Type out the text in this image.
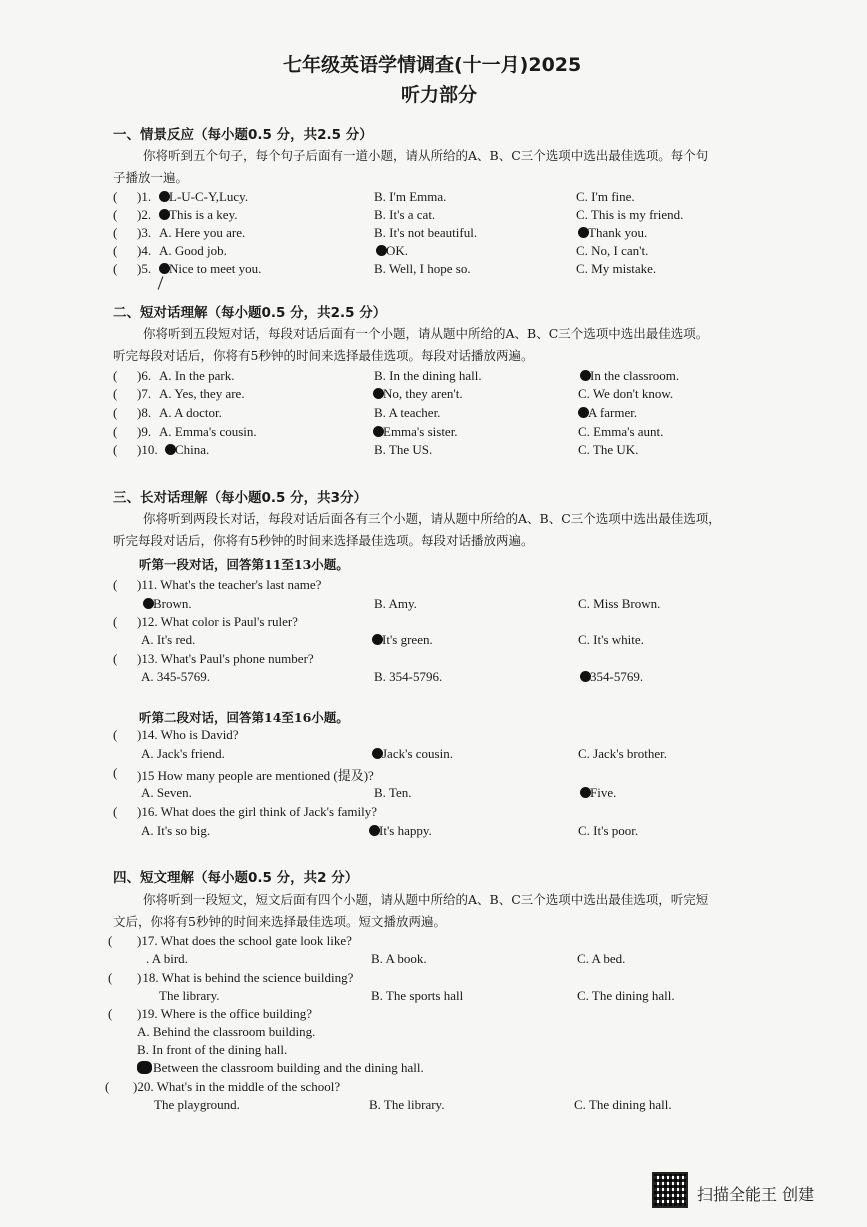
七年级英语学情调查(十一月)2025
听力部分
一、情景反应（每小题0.5 分，共2.5 分）
你将听到五个句子，每个句子后面有一道小题，请从所给的A、B、C三个选项中选出最佳选项。每个句
子播放一遍。
( )1. L-U-C-Y,Lucy.	B. I'm Emma.	C. I'm fine.
( )2. This is a key.	B. It's a cat.	C. This is my friend.
( )3. A. Here you are.	B. It's not beautiful.	Thank you.
( )4. A. Good job.	OK.	C. No, I can't.
( )5. Nice to meet you.	B. Well, I hope so.	C. My mistake.
二、短对话理解（每小题0.5 分，共2.5 分）
你将听到五段短对话，每段对话后面有一个小题，请从题中所给的A、B、C三个选项中选出最佳选项。
听完每段对话后，你将有5秒钟的时间来选择最佳选项。每段对话播放两遍。
( )6. A. In the park.	B. In the dining hall.	In the classroom.
( )7. A. Yes, they are.	No, they aren't.	C. We don't know.
( )8. A. A doctor.	B. A teacher.	A farmer.
( )9. A. Emma's cousin.	Emma's sister.	C. Emma's aunt.
( )10. China.	B. The US.	C. The UK.
三、长对话理解（每小题0.5 分，共3分）
你将听到两段长对话，每段对话后面各有三个小题，请从题中所给的A、B、C三个选项中选出最佳选项，
听完每段对话后，你将有5秒钟的时间来选择最佳选项。每段对话播放两遍。
听第一段对话，回答第11至13小题。
( )11. What's the teacher's last name?
Brown.	B. Amy.	C. Miss Brown.
( )12. What color is Paul's ruler?
A. It's red.	It's green.	C. It's white.
( )13. What's Paul's phone number?
A. 345-5769.	B. 354-5796.	354-5769.
听第二段对话，回答第14至16小题。
( )14. Who is David?
A. Jack's friend.	Jack's cousin.	C. Jack's brother.
( )15 How many people are mentioned (提及)?
A. Seven.	B. Ten.	Five.
( )16. What does the girl think of Jack's family?
A. It's so big.	It's happy.	C. It's poor.
四、短文理解（每小题0.5 分，共2 分）
你将听到一段短文，短文后面有四个小题，请从题中所给的A、B、C三个选项中选出最佳选项，听完短
文后，你将有5秒钟的时间来选择最佳选项。短文播放两遍。
( )17. What does the school gate look like?
. A bird.	B. A book.	C. A bed.
( ) 18. What is behind the science building?
The library.	B. The sports hall	C. The dining hall.
( )19. Where is the office building?
A. Behind the classroom building.
B. In front of the dining hall.
Between the classroom building and the dining hall.
( )20. What's in the middle of the school?
The playground.	B. The library.	C. The dining hall.
扫描全能王 创建
